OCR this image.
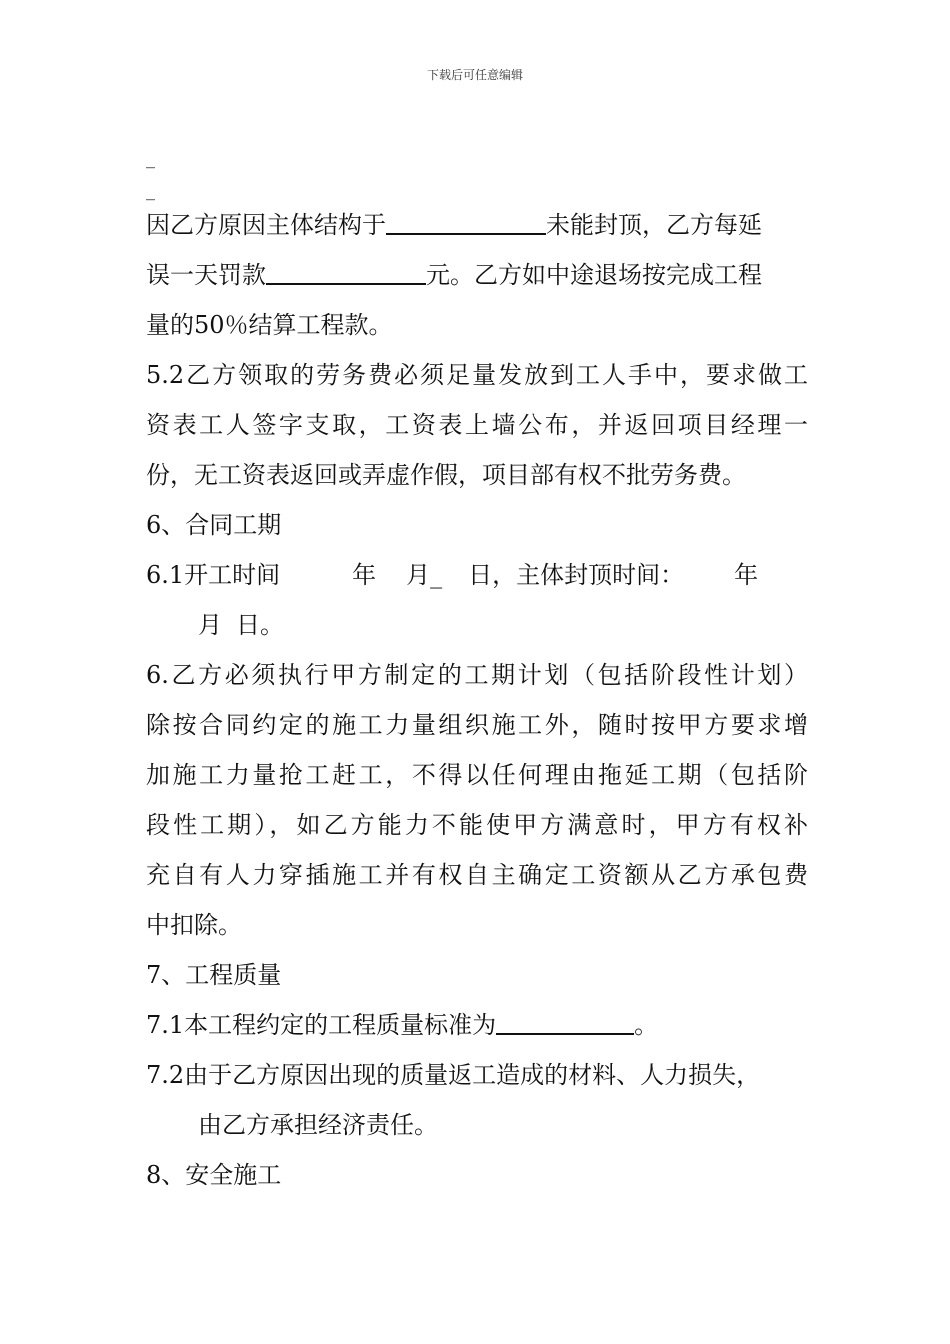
下载后可任意编辑
_
_
因乙方原因主体结构于	未能封顶，乙方每延
误一天罚款	元。乙方如中途退场按完成工程
量的50％结算工程款。
5.2乙方领取的劳务费必须足量发放到工人手中，要求做工
资表工人签字支取，工资表上墙公布，并返回项目经理一
份，无工资表返回或弄虚作假，项目部有权不批劳务费。
6、合同工期
6.1开工时间	年 月_ 日，主体封顶时间： 年
月 日。
6.乙方必须执行甲方制定的工期计划（包括阶段性计划）
除按合同约定的施工力量组织施工外，随时按甲方要求增
加施工力量抢工赶工，不得以任何理由拖延工期（包括阶
段性工期），如乙方能力不能使甲方满意时，甲方有权补
充自有人力穿插施工并有权自主确定工资额从乙方承包费
中扣除。
7、工程质量
7.1本工程约定的工程质量标准为	。
7.2由于乙方原因出现的质量返工造成的材料、人力损失，
由乙方承担经济责任。
8、安全施工
